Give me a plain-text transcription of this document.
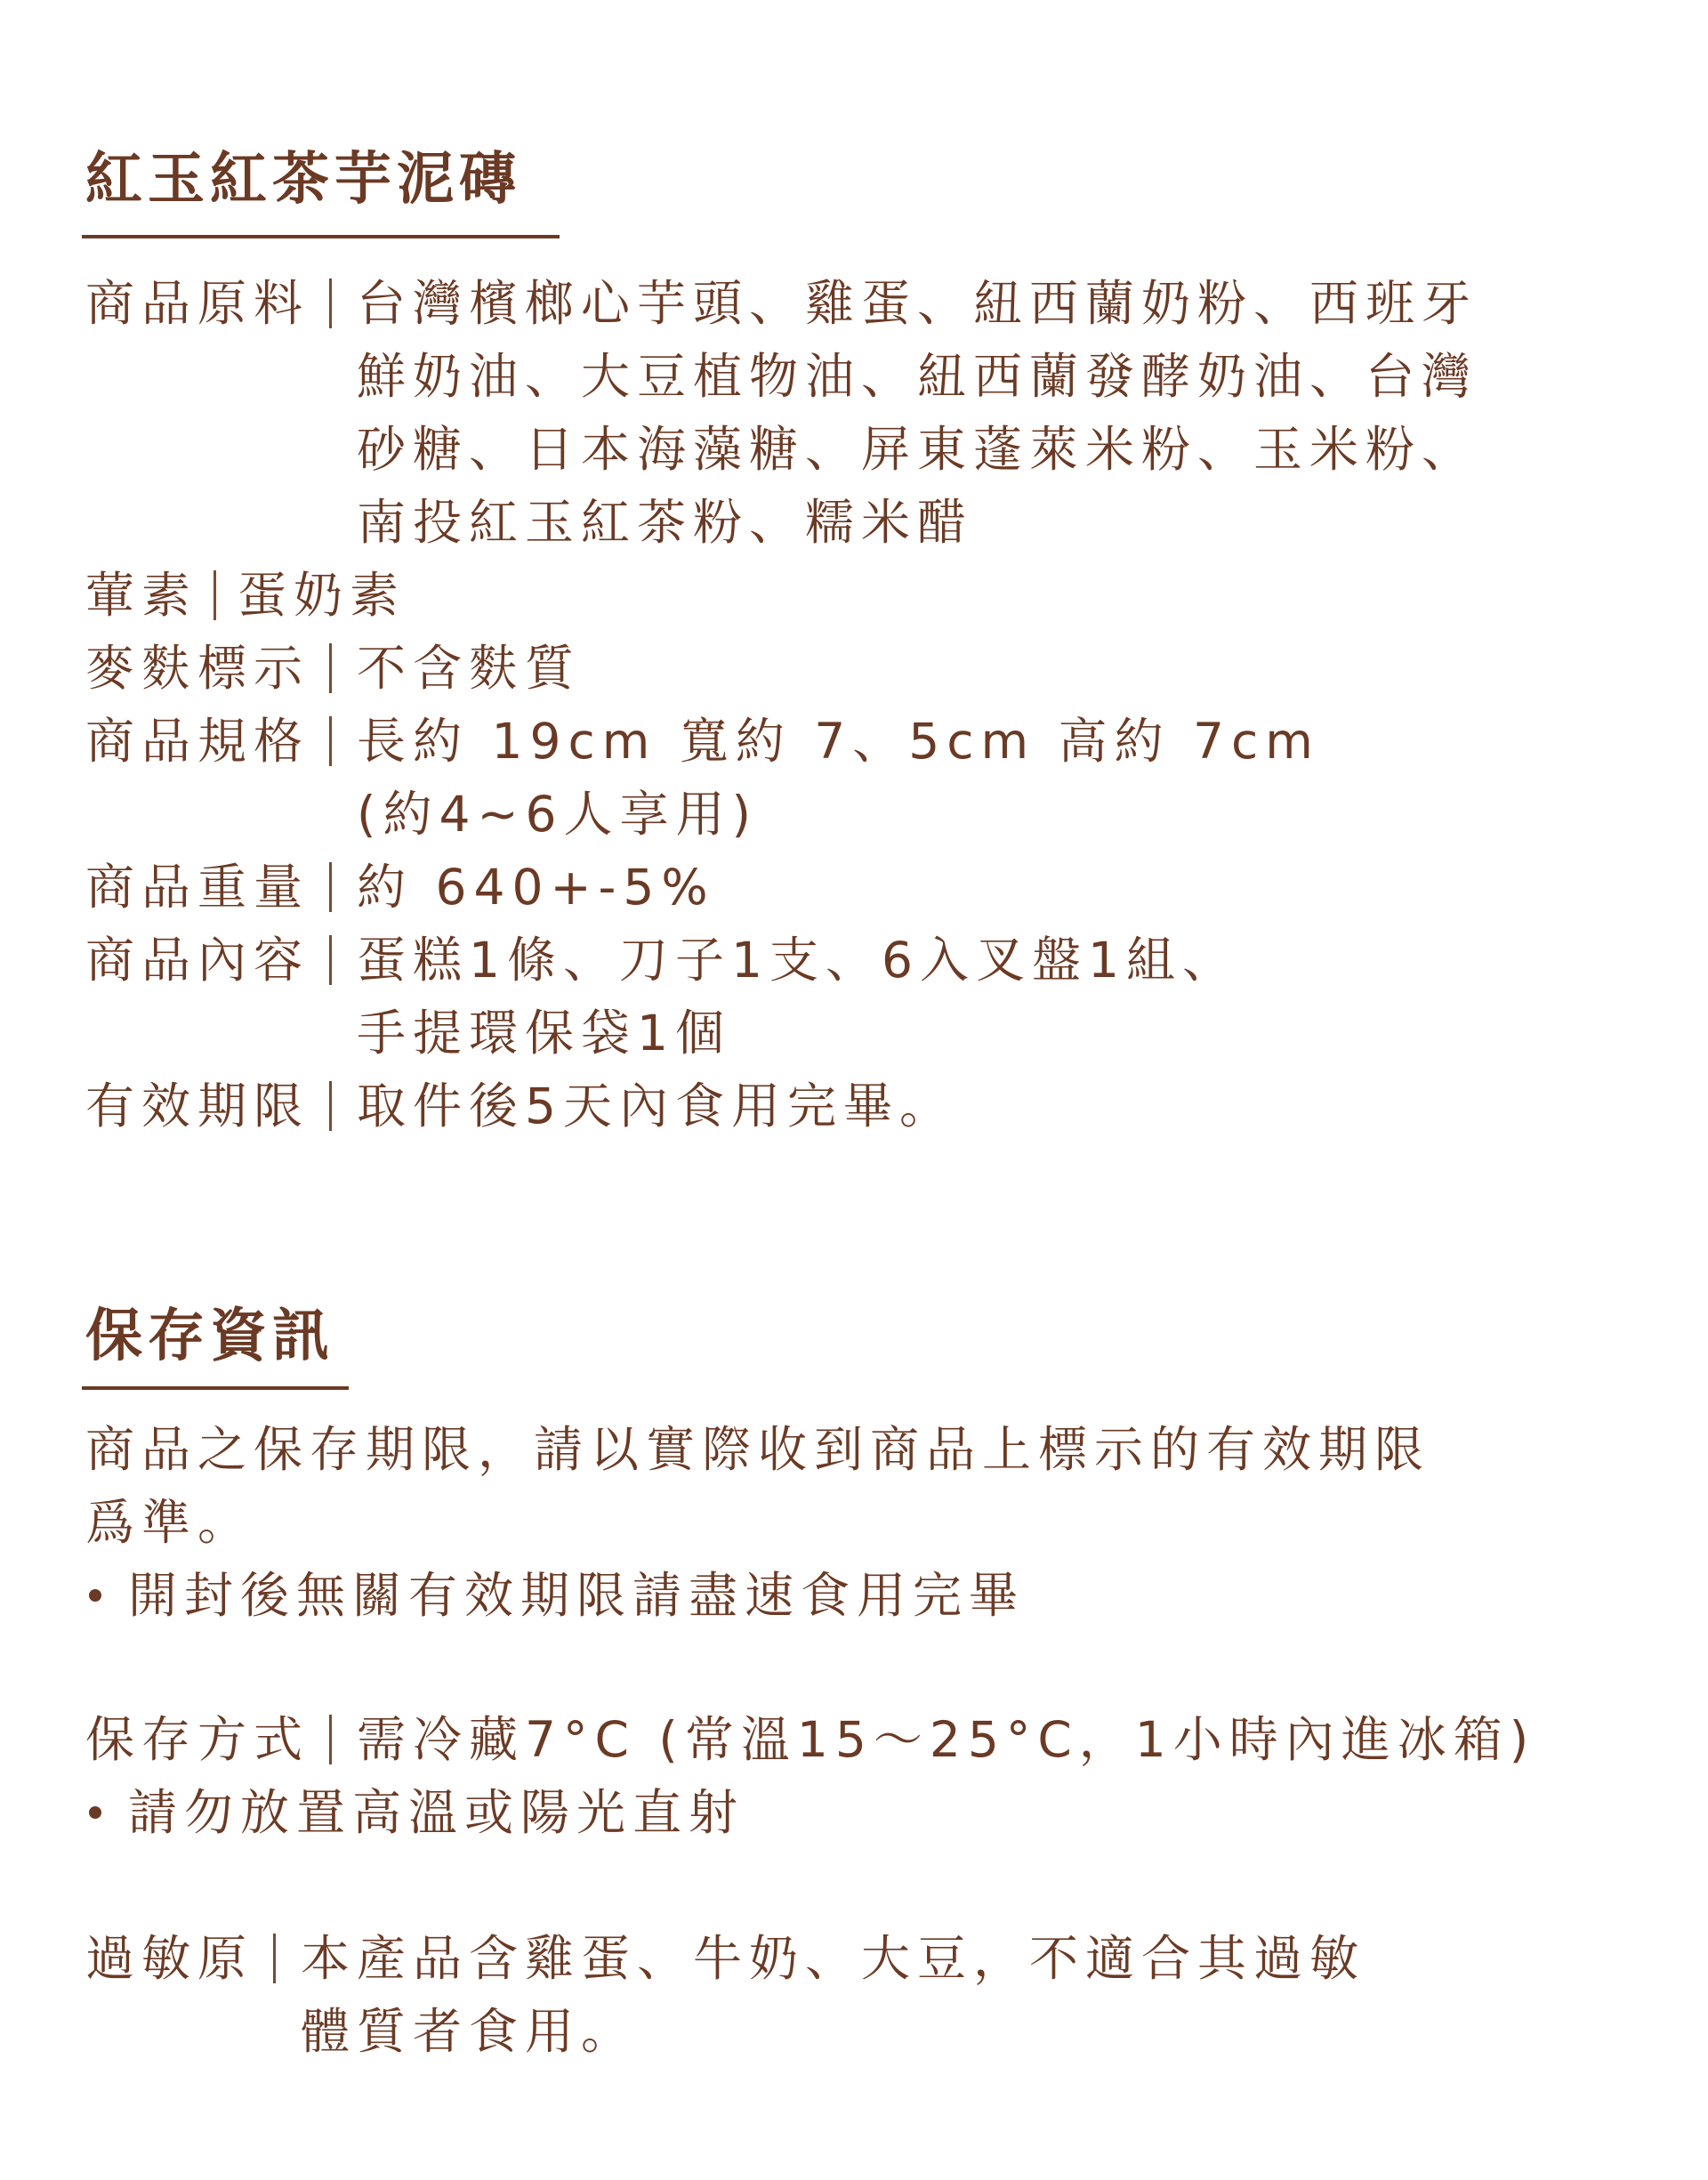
紅玉紅茶芋泥磚
商品原料 台灣檳榔心芋頭、雞蛋、紐西蘭奶粉、西班牙
鮮奶油、大豆植物油、紐西蘭發酵奶油、台灣
砂糖、日本海藻糖、屏東蓬萊米粉、玉米粉、
南投紅玉紅茶粉、糯米醋
葷素 蛋奶素
麥麩標示 不含麩質
商品規格 長約 19cm 寬約 7、5cm 高約 7cm
(約4~6人享用)
商品重量 約 640+-5%
商品內容 蛋糕1條、刀子1支、6入叉盤1組、
手提環保袋1個
有效期限 取件後5天內食用完畢。
保存資訊
商品之保存期限，請以實際收到商品上標示的有效期限
爲準。
開封後無關有效期限請盡速食用完畢
保存方式 需冷藏7°C (常溫15～25°C，1小時內進冰箱)
請勿放置高溫或陽光直射
過敏原 本產品含雞蛋、牛奶、大豆，不適合其過敏
體質者食用。
